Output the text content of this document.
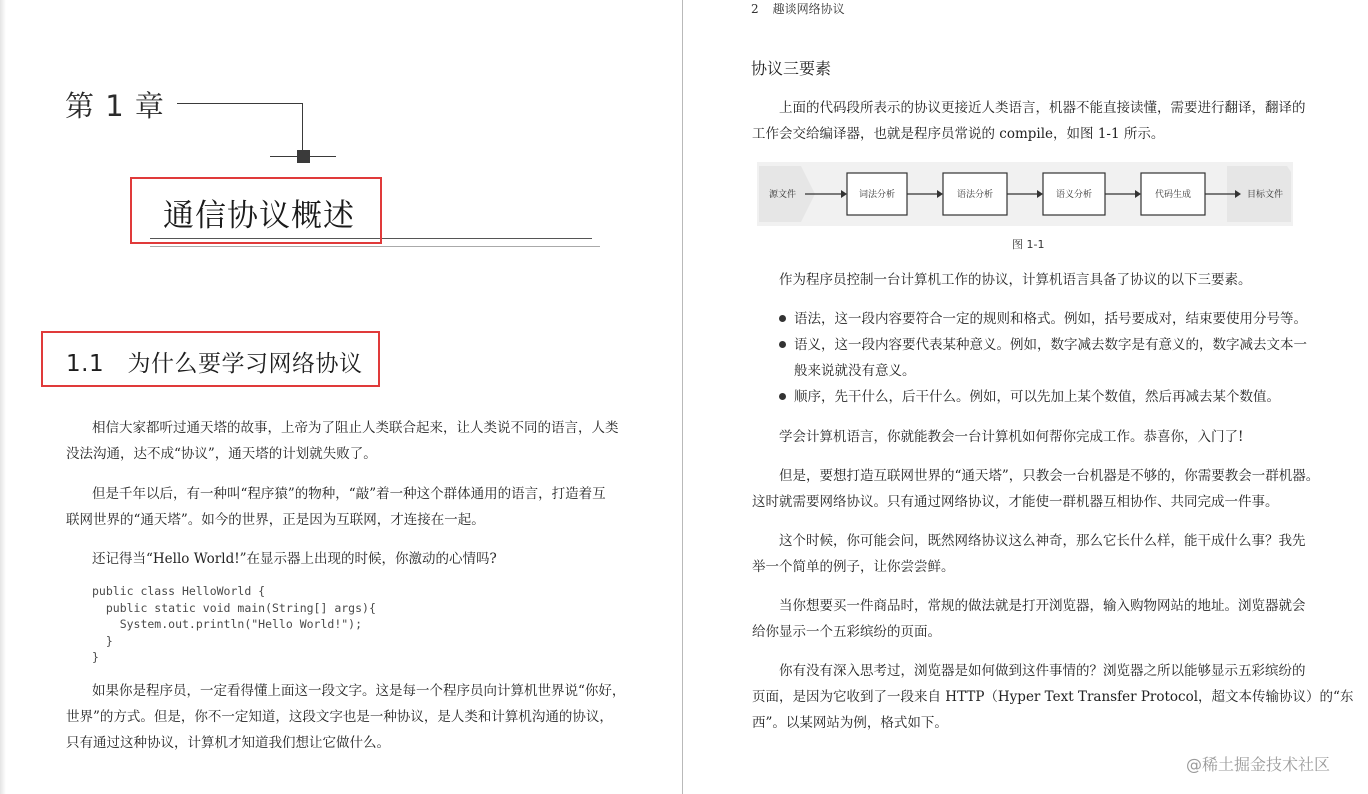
第 1 章
通信协议概述
1.1   为什么要学习网络协议
相信大家都听过通天塔的故事，上帝为了阻止人类联合起来，让人类说不同的语言，人类
没法沟通，达不成“协议”，通天塔的计划就失败了。
但是千年以后，有一种叫“程序猿”的物种，“敲”着一种这个群体通用的语言，打造着互
联网世界的“通天塔”。如今的世界，正是因为互联网，才连接在一起。
还记得当“Hello World!”在显示器上出现的时候，你激动的心情吗?
public class HelloWorld {
public static void main(String[] args){
System.out.println("Hello World!");
}
}
如果你是程序员，一定看得懂上面这一段文字。这是每一个程序员向计算机世界说“你好，
世界”的方式。但是，你不一定知道，这段文字也是一种协议，是人类和计算机沟通的协议，
只有通过这种协议，计算机才知道我们想让它做什么。
2 趣谈网络协议
协议三要素
上面的代码段所表示的协议更接近人类语言，机器不能直接读懂，需要进行翻译，翻译的
工作会交给编译器，也就是程序员常说的 compile，如图 1-1 所示。
源文件	词法分析	语法分析	语义分析	代码生成	目标文件
图 1-1
作为程序员控制一台计算机工作的协议，计算机语言具备了协议的以下三要素。
语法，这一段内容要符合一定的规则和格式。例如，括号要成对，结束要使用分号等。
语义，这一段内容要代表某种意义。例如，数字减去数字是有意义的，数字减去文本一
般来说就没有意义。
顺序，先干什么，后干什么。例如，可以先加上某个数值，然后再减去某个数值。
学会计算机语言，你就能教会一台计算机如何帮你完成工作。恭喜你，入门了!
但是，要想打造互联网世界的“通天塔”，只教会一台机器是不够的，你需要教会一群机器。
这时就需要网络协议。只有通过网络协议，才能使一群机器互相协作、共同完成一件事。
这个时候，你可能会问，既然网络协议这么神奇，那么它长什么样，能干成什么事？我先
举一个简单的例子，让你尝尝鲜。
当你想要买一件商品时，常规的做法就是打开浏览器，输入购物网站的地址。浏览器就会
给你显示一个五彩缤纷的页面。
你有没有深入思考过，浏览器是如何做到这件事情的？浏览器之所以能够显示五彩缤纷的
页面，是因为它收到了一段来自 HTTP（Hyper Text Transfer Protocol，超文本传输协议）的“东
西”。以某网站为例，格式如下。
@稀土掘金技术社区
